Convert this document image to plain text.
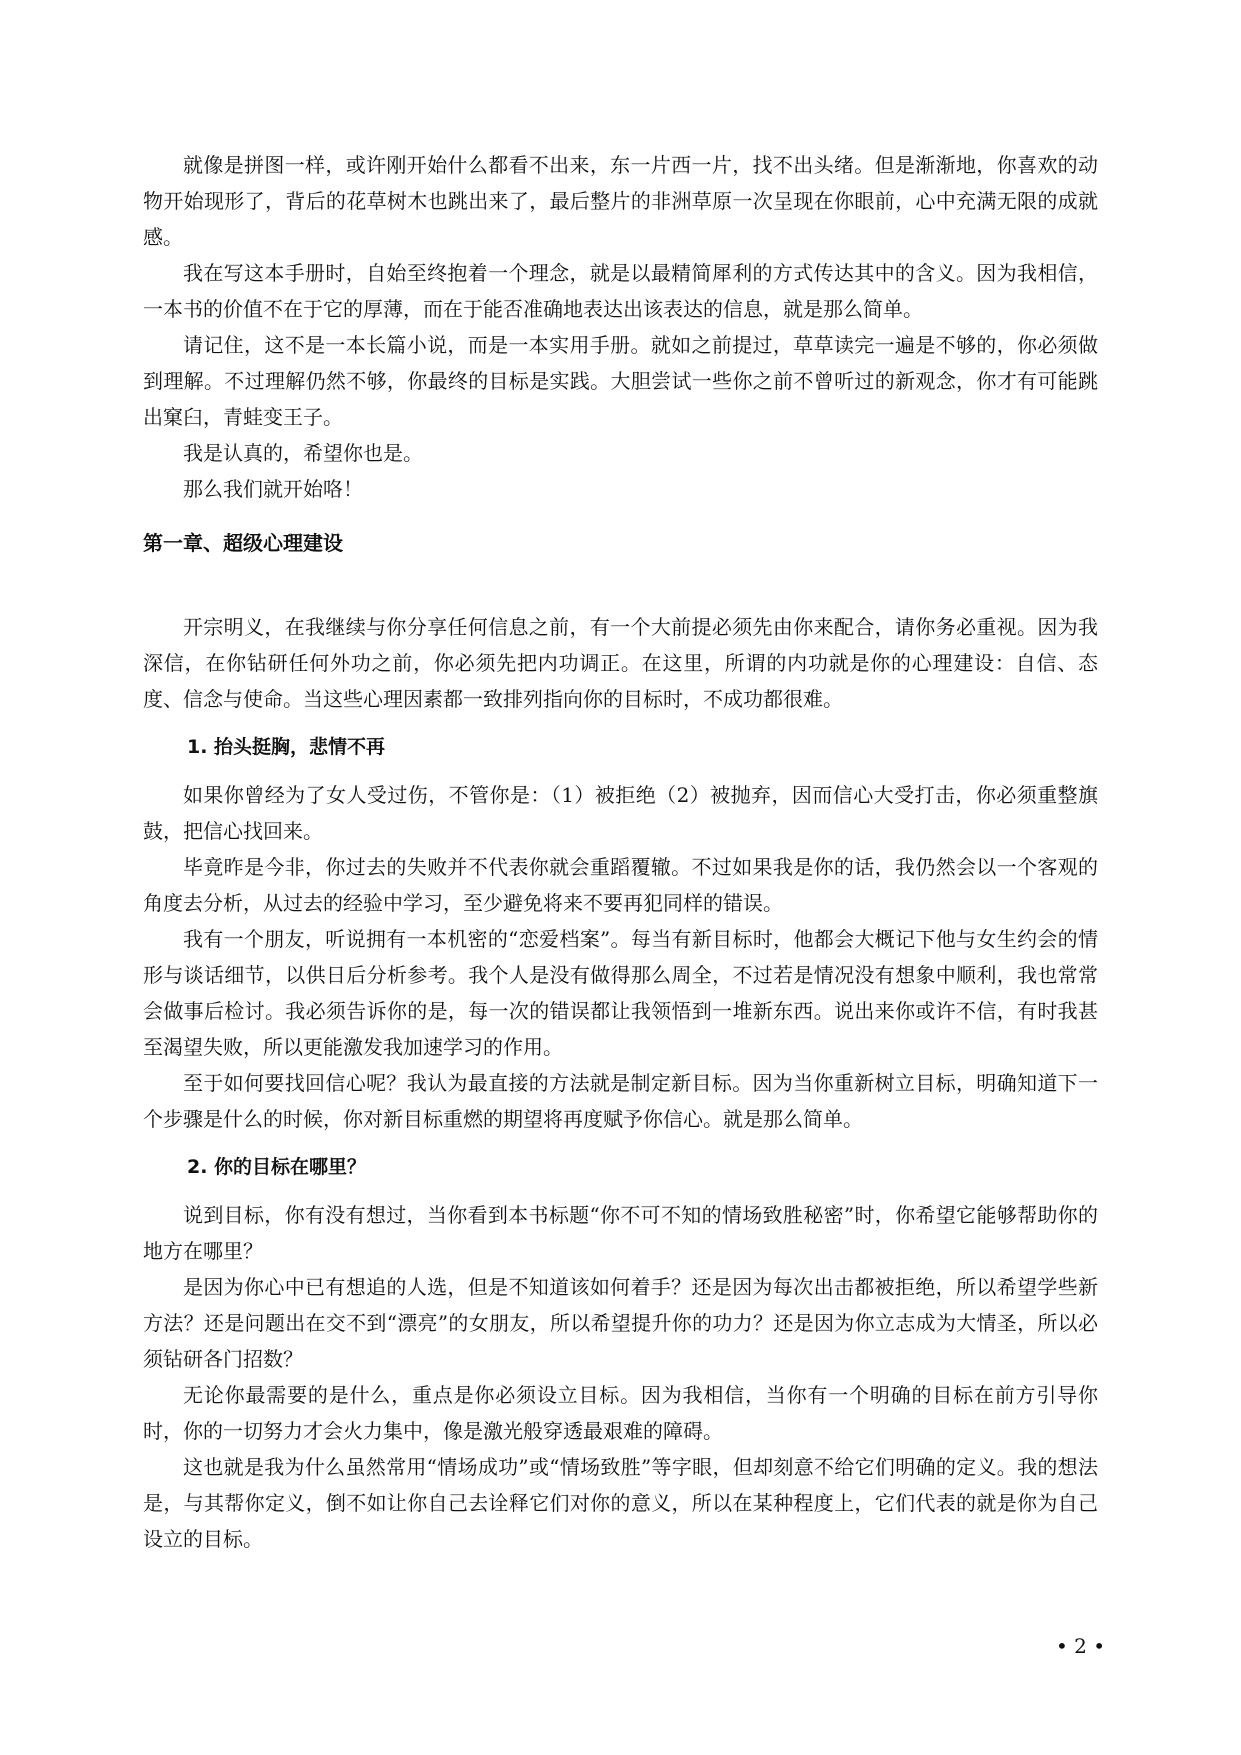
就像是拼图一样，或许刚开始什么都看不出来，东一片西一片，找不出头绪。但是渐渐地，你喜欢的动物开始现形了，背后的花草树木也跳出来了，最后整片的非洲草原一次呈现在你眼前，心中充满无限的成就感。

我在写这本手册时，自始至终抱着一个理念，就是以最精简犀利的方式传达其中的含义。因为我相信，一本书的价值不在于它的厚薄，而在于能否准确地表达出该表达的信息，就是那么简单。

请记住，这不是一本长篇小说，而是一本实用手册。就如之前提过，草草读完一遍是不够的，你必须做到理解。不过理解仍然不够，你最终的目标是实践。大胆尝试一些你之前不曾听过的新观念，你才有可能跳出窠臼，青蛙变王子。

我是认真的，希望你也是。

那么我们就开始咯！

第一章、超级心理建设

开宗明义，在我继续与你分享任何信息之前，有一个大前提必须先由你来配合，请你务必重视。因为我深信，在你钻研任何外功之前，你必须先把内功调正。在这里，所谓的内功就是你的心理建设：自信、态度、信念与使命。当这些心理因素都一致排列指向你的目标时，不成功都很难。

1. 抬头挺胸，悲情不再

如果你曾经为了女人受过伤，不管你是：（1）被拒绝（2）被抛弃，因而信心大受打击，你必须重整旗鼓，把信心找回来。

毕竟昨是今非，你过去的失败并不代表你就会重蹈覆辙。不过如果我是你的话，我仍然会以一个客观的角度去分析，从过去的经验中学习，至少避免将来不要再犯同样的错误。

我有一个朋友，听说拥有一本机密的“恋爱档案”。每当有新目标时，他都会大概记下他与女生约会的情形与谈话细节，以供日后分析参考。我个人是没有做得那么周全，不过若是情况没有想象中顺利，我也常常会做事后检讨。我必须告诉你的是，每一次的错误都让我领悟到一堆新东西。说出来你或许不信，有时我甚至渴望失败，所以更能激发我加速学习的作用。

至于如何要找回信心呢？我认为最直接的方法就是制定新目标。因为当你重新树立目标，明确知道下一个步骤是什么的时候，你对新目标重燃的期望将再度赋予你信心。就是那么简单。

2. 你的目标在哪里？

说到目标，你有没有想过，当你看到本书标题“你不可不知的情场致胜秘密”时，你希望它能够帮助你的地方在哪里？

是因为你心中已有想追的人选，但是不知道该如何着手？还是因为每次出击都被拒绝，所以希望学些新方法？还是问题出在交不到“漂亮”的女朋友，所以希望提升你的功力？还是因为你立志成为大情圣，所以必须钻研各门招数？

无论你最需要的是什么，重点是你必须设立目标。因为我相信，当你有一个明确的目标在前方引导你时，你的一切努力才会火力集中，像是激光般穿透最艰难的障碍。

这也就是我为什么虽然常用“情场成功”或“情场致胜”等字眼，但却刻意不给它们明确的定义。我的想法是，与其帮你定义，倒不如让你自己去诠释它们对你的意义，所以在某种程度上，它们代表的就是你为自己设立的目标。

• 2 •
